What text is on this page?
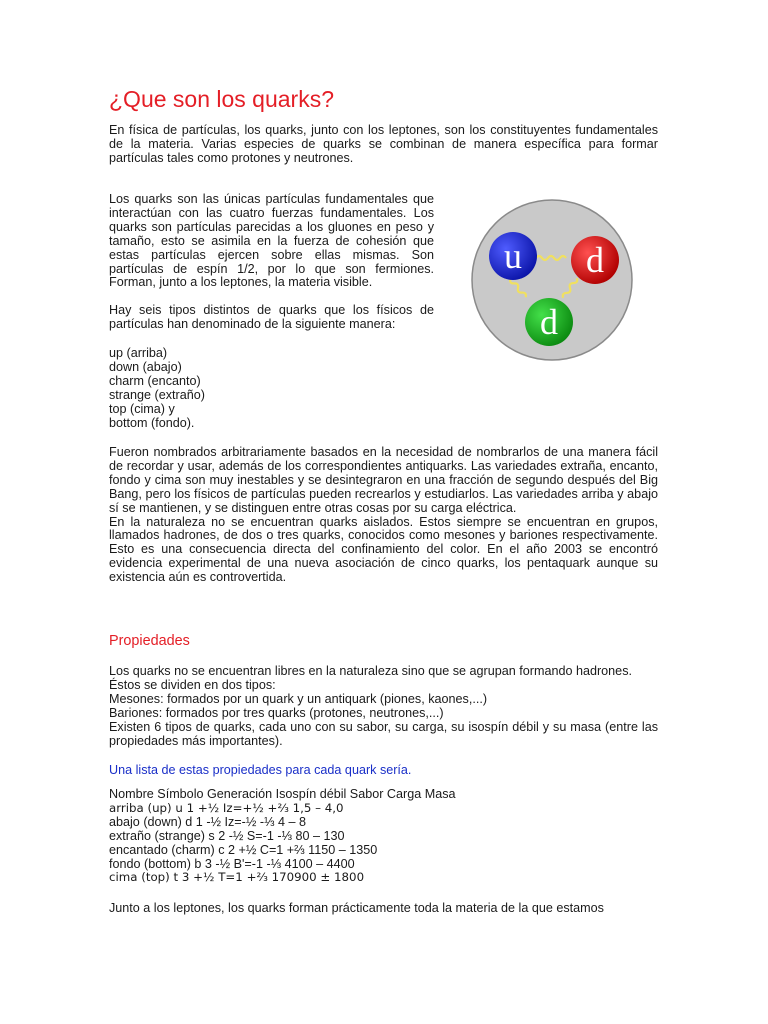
¿Que son los quarks?

En física de partículas, los quarks, junto con los leptones, son los constituyentes fundamentales de la materia. Varias especies de quarks se combinan de manera específica para formar partículas tales como protones y neutrones.

Los quarks son las únicas partículas fundamentales que interactúan con las cuatro fuerzas fundamentales. Los quarks son partículas parecidas a los gluones en peso y tamaño, esto se asimila en la fuerza de cohesión que estas partículas ejercen sobre ellas mismas. Son partículas de espín 1/2, por lo que son fermiones. Forman, junto a los leptones, la materia visible.

Hay seis tipos distintos de quarks que los físicos de partículas han denominado de la siguiente manera:

up (arriba)
down (abajo)
charm (encanto)
strange (extraño)
top (cima) y
bottom (fondo).

Fueron nombrados arbitrariamente basados en la necesidad de nombrarlos de una manera fácil de recordar y usar, además de los correspondientes antiquarks. Las variedades extraña, encanto, fondo y cima son muy inestables y se desintegraron en una fracción de segundo después del Big Bang, pero los físicos de partículas pueden recrearlos y estudiarlos. Las variedades arriba y abajo sí se mantienen, y se distinguen entre otras cosas por su carga eléctrica.

En la naturaleza no se encuentran quarks aislados. Estos siempre se encuentran en grupos, llamados hadrones, de dos o tres quarks, conocidos como mesones y bariones respectivamente. Esto es una consecuencia directa del confinamiento del color. En el año 2003 se encontró evidencia experimental de una nueva asociación de cinco quarks, los pentaquark aunque su existencia aún es controvertida.

Propiedades

Los quarks no se encuentran libres en la naturaleza sino que se agrupan formando hadrones.

Éstos se dividen en dos tipos:

Mesones: formados por un quark y un antiquark (piones, kaones,...)

Bariones: formados por tres quarks (protones, neutrones,...)

Existen 6 tipos de quarks, cada uno con su sabor, su carga, su isospín débil y su masa (entre las propiedades más importantes).

Una lista de estas propiedades para cada quark sería.
Nombre Símbolo Generación Isospín débil Sabor Carga Masa
arriba (up) u 1 +½ Iz=+½ +⅔ 1,5 – 4,0
abajo (down) d 1 -½ Iz=-½ -⅓ 4 – 8
extraño (strange) s 2 -½ S=-1 -⅓ 80 – 130
encantado (charm) c 2 +½ C=1 +⅔ 1150 – 1350
fondo (bottom) b 3 -½ B'=-1 -⅓ 4100 – 4400
cima (top) t 3 +½ T=1 +⅔ 170900 ± 1800

Junto a los leptones, los quarks forman prácticamente toda la materia de la que estamos

u d
d
